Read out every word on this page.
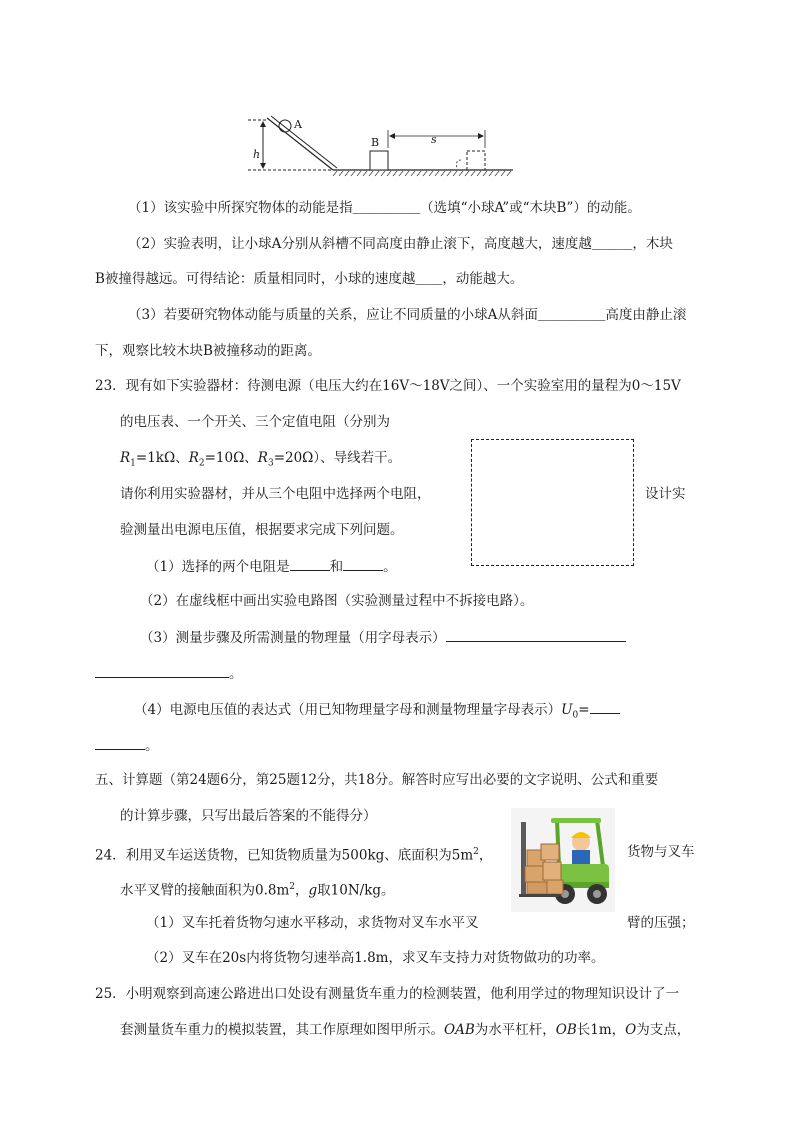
A
B
h
s
（1）该实验中所探究物体的动能是指＿＿＿＿＿（选填“小球A”或“木块B”）的动能。
（2）实验表明，让小球A分别从斜槽不同高度由静止滚下，高度越大，速度越＿＿＿，木块
B被撞得越远。可得结论：质量相同时，小球的速度越＿＿，动能越大。
（3）若要研究物体动能与质量的关系，应让不同质量的小球A从斜面＿＿＿＿＿高度由静止滚
下，观察比较木块B被撞移动的距离。
23．现有如下实验器材：待测电源（电压大约在16V～18V之间）、一个实验室用的量程为0～15V
的电压表、一个开关、三个定值电阻（分别为
$R_1=1k\Omega$、$R_2=10\Omega$、$R_3=20\Omega$）、导线若干。
请你利用实验器材，并从三个电阻中选择两个电阻，	设计实
验测量出电源电压值，根据要求完成下列问题。
（1）选择的两个电阻是	和	。
（2）在虚线框中画出实验电路图（实验测量过程中不拆接电路）。
（3）测量步骤及所需测量的物理量（用字母表示）
。
（4）电源电压值的表达式（用已知物理量字母和测量物理量字母表示）$U_0=$
。
五、计算题（第24题6分，第25题12分，共18分。解答时应写出必要的文字说明、公式和重要
的计算步骤，只写出最后答案的不能得分）
24．利用叉车运送货物，已知货物质量为500kg、底面积为$5m^2$，	货物与叉车
水平叉臂的接触面积为$0.8m^2$，g取10N/kg。
（1）叉车托着货物匀速水平移动，求货物对叉车水平叉	臂的压强；
（2）叉车在20s内将货物匀速举高1.8m，求叉车支持力对货物做功的功率。
25．小明观察到高速公路进出口处设有测量货车重力的检测装置，他利用学过的物理知识设计了一
套测量货车重力的模拟装置，其工作原理如图甲所示。OAB为水平杠杆，OB长1m，O为支点，
